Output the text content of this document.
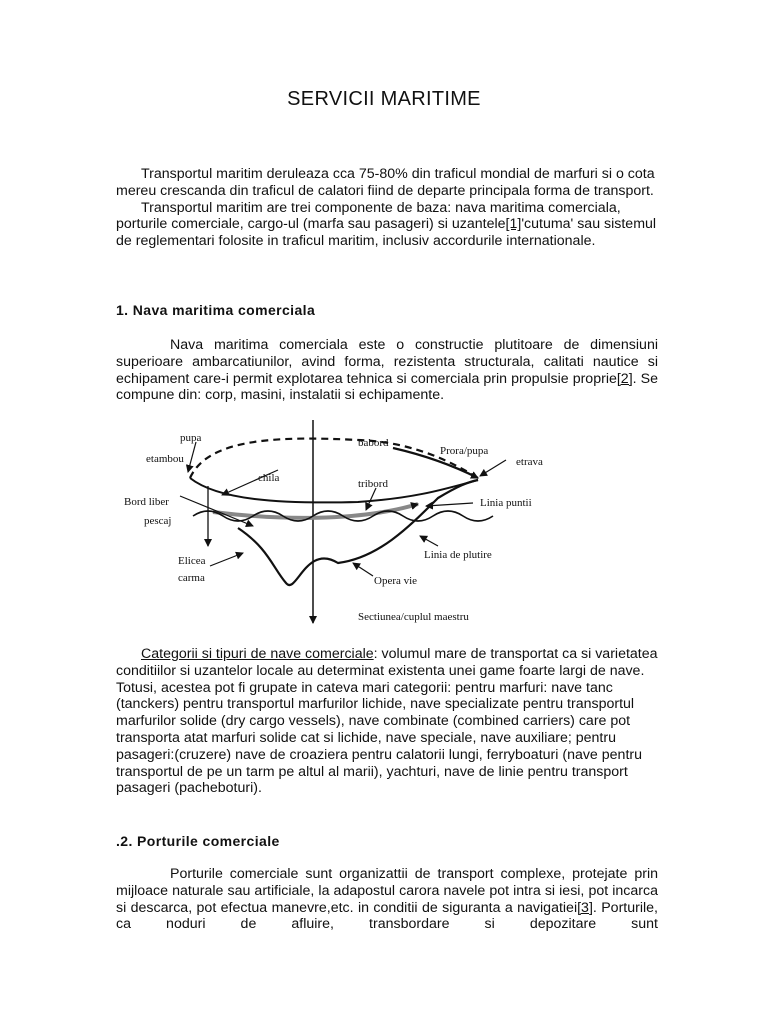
SERVICII MARITIME
Transportul maritim deruleaza cca 75-80% din traficul mondial de marfuri si o cota mereu crescanda din traficul de calatori fiind de departe principala forma de transport.
Transportul maritim are trei componente de baza: nava maritima comerciala, porturile comerciale, cargo-ul (marfa sau pasageri) si uzantele[1]'cutuma' sau sistemul de reglementari folosite in traficul maritim, inclusiv accordurile internationale.
1. Nava maritima comerciala
Nava maritima comerciala este o constructie plutitoare de dimensiuni superioare ambarcatiunilor, avind forma, rezistenta structurala, calitati nautice si echipament care-i permit explotarea tehnica si comerciala prin propulsie proprie[2]. Se compune din: corp, masini, instalatii si echipamente.
pupa
etambou
babord
Prora/pupa
etrava
chila	tribord
Bord liber
pescaj
Linia puntii
Linia de plutire
Elicea
carma	Opera vie
Sectiunea/cuplul maestru
Categorii si tipuri de nave comerciale: volumul mare de transportat ca si varietatea conditiilor si uzantelor locale au determinat existenta unei game foarte largi de nave. Totusi, acestea pot fi grupate in cateva mari categorii: pentru marfuri: nave tanc (tanckers) pentru transportul marfurilor lichide, nave specializate pentru transportul marfurilor solide (dry cargo vessels), nave combinate (combined carriers) care pot transporta atat marfuri solide cat si lichide, nave speciale, nave auxiliare; pentru pasageri:(cruzere) nave de croaziera pentru calatorii lungi, ferryboaturi (nave pentru transportul de pe un tarm pe altul al marii), yachturi, nave de linie pentru transport pasageri (pacheboturi).
.2. Porturile comerciale
Porturile comerciale sunt organizattii de transport complexe, protejate prin mijloace naturale sau artificiale, la adapostul carora navele pot intra si iesi, pot incarca si descarca, pot efectua manevre,etc. in conditii de siguranta a navigatiei[3]. Porturile, ca noduri de afluire, transbordare si depozitare sunt
